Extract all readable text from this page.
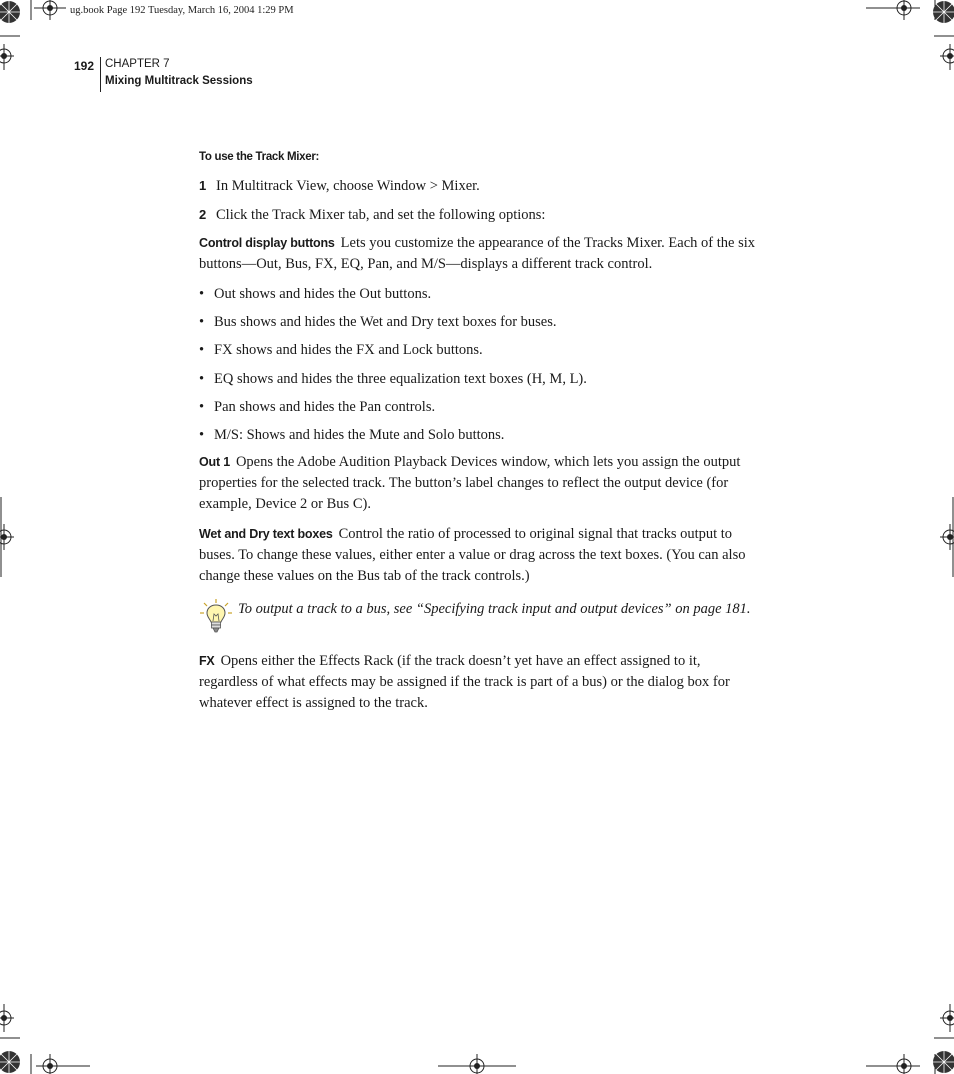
ug.book Page 192 Tuesday, March 16, 2004 1:29 PM
192 CHAPTER 7
Mixing Multitrack Sessions
To use the Track Mixer:

1 In Multitrack View, choose Window > Mixer.

2 Click the Track Mixer tab, and set the following options:

Control display buttons Lets you customize the appearance of the Tracks Mixer. Each of the six buttons—Out, Bus, FX, EQ, Pan, and M/S—displays a different track control.

• Out shows and hides the Out buttons.
• Bus shows and hides the Wet and Dry text boxes for buses.
• FX shows and hides the FX and Lock buttons.
• EQ shows and hides the three equalization text boxes (H, M, L).
• Pan shows and hides the Pan controls.
• M/S: Shows and hides the Mute and Solo buttons.

Out 1 Opens the Adobe Audition Playback Devices window, which lets you assign the output properties for the selected track. The button’s label changes to reflect the output device (for example, Device 2 or Bus C).

Wet and Dry text boxes Control the ratio of processed to original signal that tracks output to buses. To change these values, either enter a value or drag across the text boxes. (You can also change these values on the Bus tab of the track controls.)

To output a track to a bus, see “Specifying track input and output devices” on page 181.

FX Opens either the Effects Rack (if the track doesn’t yet have an effect assigned to it, regardless of what effects may be assigned if the track is part of a bus) or the dialog box for whatever effect is assigned to the track.
